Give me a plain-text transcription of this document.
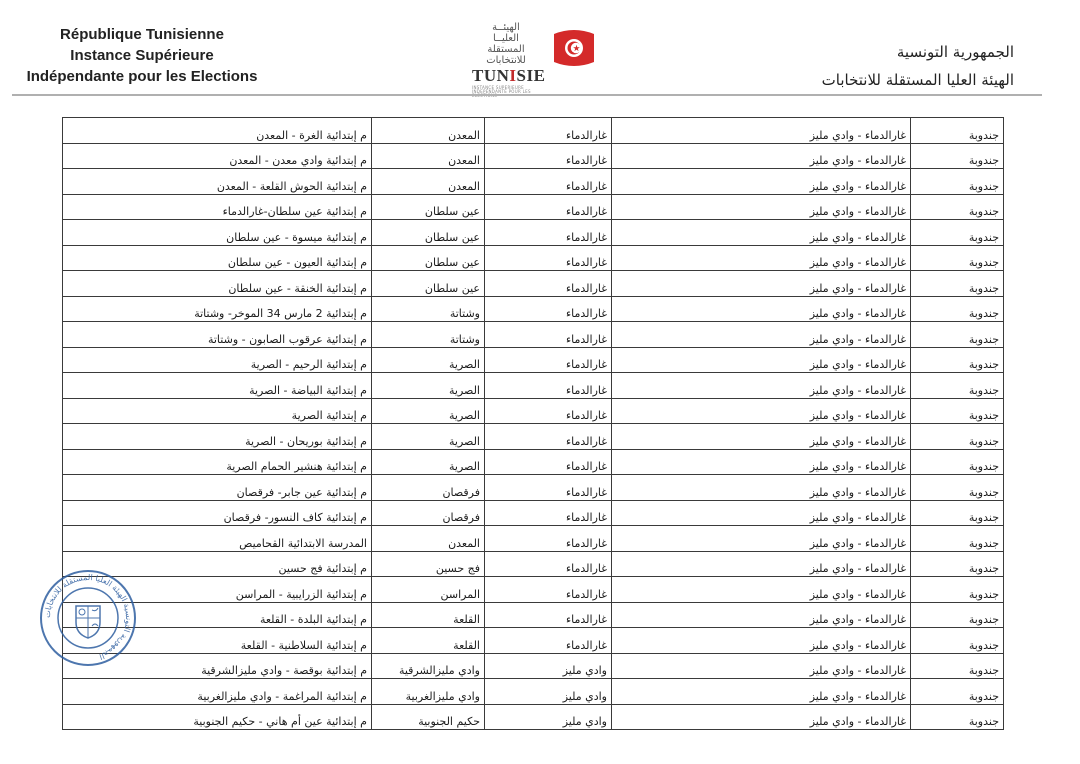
République Tunisienne
Instance Supérieure
Indépendante pour les Elections
الهيئــة
العليــا
المستقلة
للانتخابات
TUNISIE
INSTANCE SUPERIEURE INDEPENDANTE POUR LES
الجمهورية التونسية
الهيئة العليا المستقلة للانتخابات
جندوبة	غارالدماء - وادي مليز	غارالدماء	المعدن	م إبتدائية الغرة - المعدن
جندوبة	غارالدماء - وادي مليز	غارالدماء	المعدن	م إبتدائية وادي معدن - المعدن
جندوبة	غارالدماء - وادي مليز	غارالدماء	المعدن	م إبتدائية الحوش القلعة - المعدن
جندوبة	غارالدماء - وادي مليز	غارالدماء	عين سلطان	م إبتدائية عين سلطان-غارالدماء
جندوبة	غارالدماء - وادي مليز	غارالدماء	عين سلطان	م إبتدائية ميسوة - عين سلطان
جندوبة	غارالدماء - وادي مليز	غارالدماء	عين سلطان	م إبتدائية العيون - عين سلطان
جندوبة	غارالدماء - وادي مليز	غارالدماء	عين سلطان	م إبتدائية الخنقة - عين سلطان
جندوبة	غارالدماء - وادي مليز	غارالدماء	وشتاتة	م إبتدائية 2 مارس 34 الموخر- وشتاتة
جندوبة	غارالدماء - وادي مليز	غارالدماء	وشتاتة	م إبتدائية عرقوب الصابون - وشتاتة
جندوبة	غارالدماء - وادي مليز	غارالدماء	الصرية	م إبتدائية الرحيم - الصرية
جندوبة	غارالدماء - وادي مليز	غارالدماء	الصرية	م إبتدائية البياضة - الصرية
جندوبة	غارالدماء - وادي مليز	غارالدماء	الصرية	م إبتدائية الصرية
جندوبة	غارالدماء - وادي مليز	غارالدماء	الصرية	م إبتدائية بوريحان - الصرية
جندوبة	غارالدماء - وادي مليز	غارالدماء	الصرية	م إبتدائية هنشير الحمام الصرية
جندوبة	غارالدماء - وادي مليز	غارالدماء	فرقصان	م إبتدائية عين جابر- فرقصان
جندوبة	غارالدماء - وادي مليز	غارالدماء	فرقصان	م إبتدائية كاف النسور- فرقصان
جندوبة	غارالدماء - وادي مليز	غارالدماء	المعدن	المدرسة الابتدائية القحاميص
جندوبة	غارالدماء - وادي مليز	غارالدماء	فج حسين	م إبتدائية فج حسين
جندوبة	غارالدماء - وادي مليز	غارالدماء	المراسن	م إبتدائية الزرايبية - المراسن
جندوبة	غارالدماء - وادي مليز	غارالدماء	القلعة	م إبتدائية البلدة - القلعة
جندوبة	غارالدماء - وادي مليز	غارالدماء	القلعة	م إبتدائية السلاطنية - القلعة
جندوبة	غارالدماء - وادي مليز	وادي مليز	وادي مليزالشرقية	م إبتدائية بوقصة - وادي مليزالشرقية
جندوبة	غارالدماء - وادي مليز	وادي مليز	وادي مليزالغربية	م إبتدائية المراغمة - وادي مليزالغربية
جندوبة	غارالدماء - وادي مليز	وادي مليز	حكيم الجنوبية	م إبتدائية عين أم هاني - حكيم الجنوبية
الجمهورية التونسية الهيئة العليا المستقلة للانتخابات
